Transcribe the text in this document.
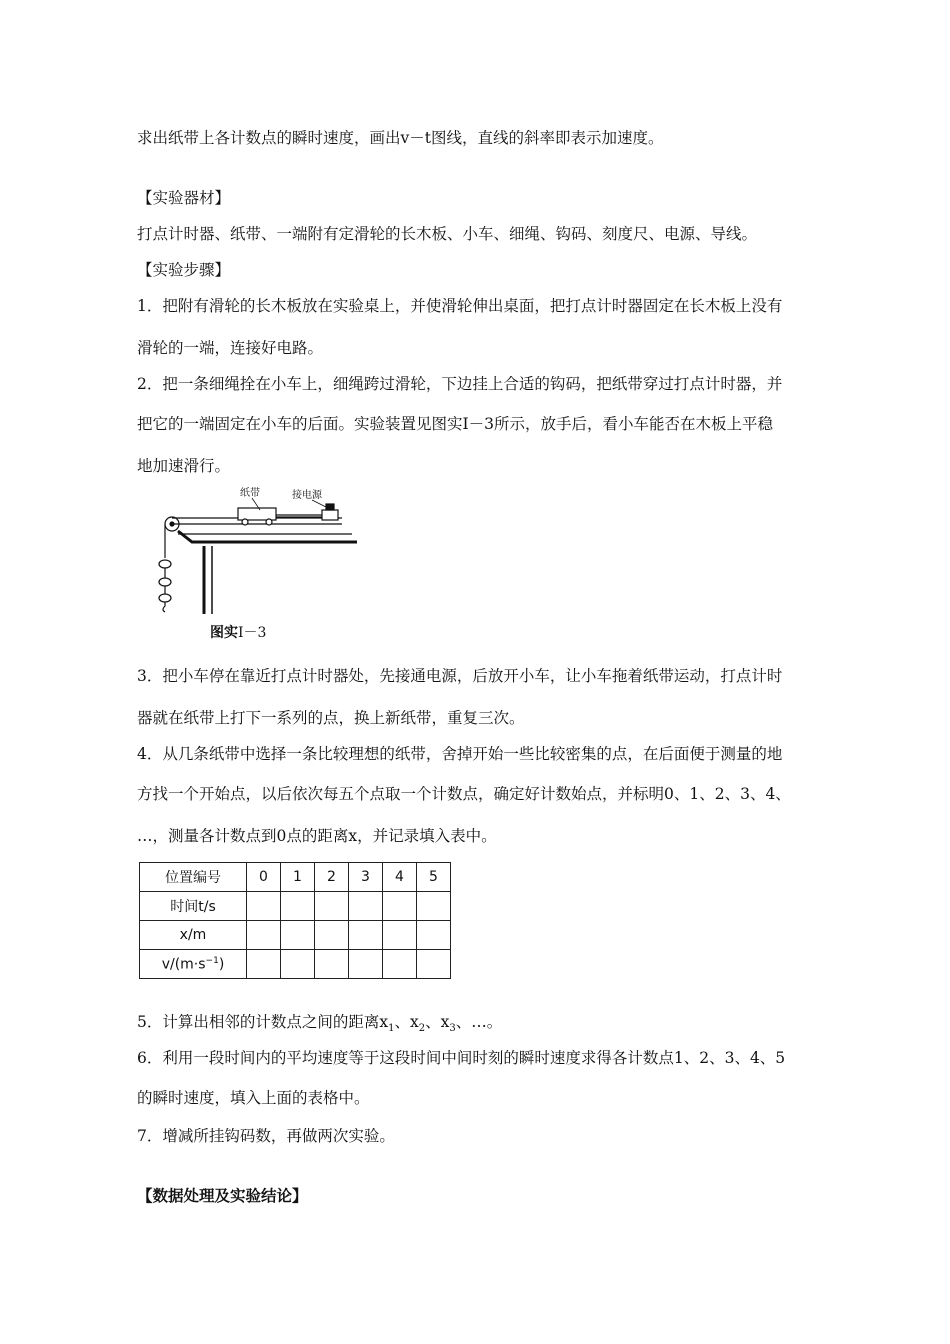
求出纸带上各计数点的瞬时速度，画出v－t图线，直线的斜率即表示加速度。
【实验器材】
打点计时器、纸带、一端附有定滑轮的长木板、小车、细绳、钩码、刻度尺、电源、导线。
【实验步骤】
1．把附有滑轮的长木板放在实验桌上，并使滑轮伸出桌面，把打点计时器固定在长木板上没有
滑轮的一端，连接好电路。
2．把一条细绳拴在小车上，细绳跨过滑轮，下边挂上合适的钩码，把纸带穿过打点计时器，并
把它的一端固定在小车的后面。实验装置见图实Ⅰ－3所示，放手后，看小车能否在木板上平稳
地加速滑行。
纸带	接电源
图实Ⅰ－3
3．把小车停在靠近打点计时器处，先接通电源，后放开小车，让小车拖着纸带运动，打点计时
器就在纸带上打下一系列的点，换上新纸带，重复三次。
4．从几条纸带中选择一条比较理想的纸带，舍掉开始一些比较密集的点，在后面便于测量的地
方找一个开始点，以后依次每五个点取一个计数点，确定好计数始点，并标明0、1、2、3、4、
…，测量各计数点到0点的距离x，并记录填入表中。
位置编号	0	1	2	3	4	5
时间t/s						
x/m						
$v/(m\cdot s^{-1})$						
5．计算出相邻的计数点之间的距离$x_1$、$x_2$、$x_3$、…。
6．利用一段时间内的平均速度等于这段时间中间时刻的瞬时速度求得各计数点1、2、3、4、5
的瞬时速度，填入上面的表格中。
7．增减所挂钩码数，再做两次实验。
【数据处理及实验结论】
